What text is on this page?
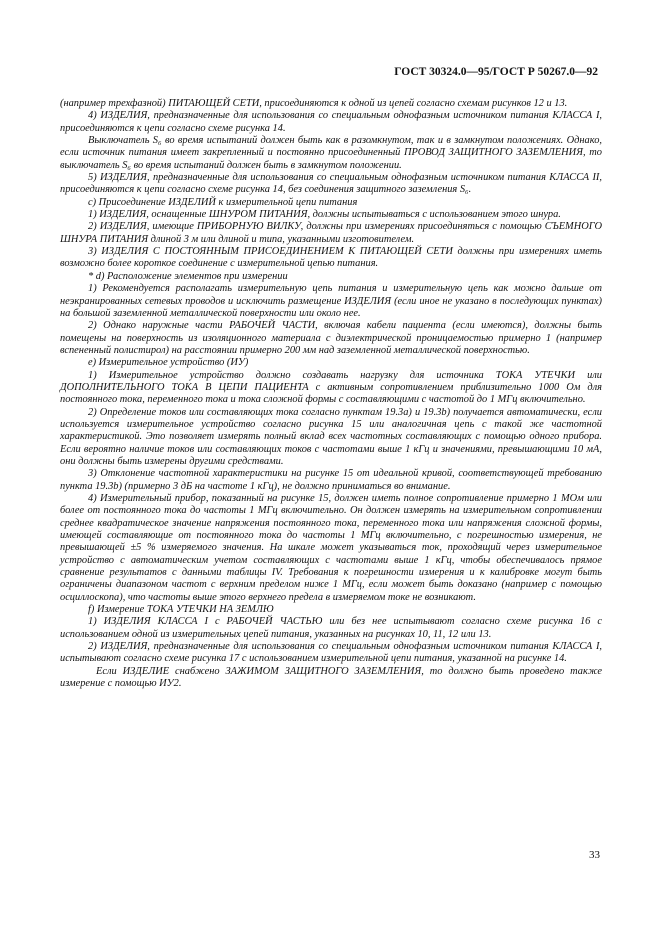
ГОСТ 30324.0—95/ГОСТ Р 50267.0—92

(например трехфазной) ПИТАЮЩЕЙ СЕТИ, присоединяются к одной из цепей согласно схемам рисунков 12 и 13.

4) ИЗДЕЛИЯ, предназначенные для использования со специальным однофазным источником питания КЛАССА I, присоединяются к цепи согласно схеме рисунка 14.

Выключатель S₆ во время испытаний должен быть как в разомкнутом, так и в замкнутом положениях. Однако, если источник питания имеет закрепленный и постоянно присоединенный ПРОВОД ЗАЩИТНОГО ЗАЗЕМЛЕНИЯ, то выключатель S₆ во время испытаний должен быть в замкнутом положении.

5) ИЗДЕЛИЯ, предназначенные для использования со специальным однофазным источником питания КЛАССА II, присоединяются к цепи согласно схеме рисунка 14, без соединения защитного заземления S₆.

c) Присоединение ИЗДЕЛИЙ к измерительной цепи питания

1) ИЗДЕЛИЯ, оснащенные ШНУРОМ ПИТАНИЯ, должны испытываться с использованием этого шнура.

2) ИЗДЕЛИЯ, имеющие ПРИБОРНУЮ ВИЛКУ, должны при измерениях присоединяться с помощью СЪЕМНОГО ШНУРА ПИТАНИЯ длиной 3 м или длиной и типа, указанными изготовителем.

3) ИЗДЕЛИЯ С ПОСТОЯННЫМ ПРИСОЕДИНЕНИЕМ К ПИТАЮЩЕЙ СЕТИ должны при измерениях иметь возможно более короткое соединение с измерительной цепью питания.

* d) Расположение элементов при измерении

1) Рекомендуется располагать измерительную цепь питания и измерительную цепь как можно дальше от неэкранированных сетевых проводов и исключить размещение ИЗДЕЛИЯ (если иное не указано в последующих пунктах) на большой заземленной металлической поверхности или около нее.

2) Однако наружные части РАБОЧЕЙ ЧАСТИ, включая кабели пациента (если имеются), должны быть помещены на поверхность из изоляционного материала с диэлектрической проницаемостью примерно 1 (например вспененный полистирол) на расстоянии примерно 200 мм над заземленной металлической поверхностью.

e) Измерительное устройство (ИУ)

1) Измерительное устройство должно создавать нагрузку для источника ТОКА УТЕЧКИ или ДОПОЛНИТЕЛЬНОГО ТОКА В ЦЕПИ ПАЦИЕНТА с активным сопротивлением приблизительно 1000 Ом для постоянного тока, переменного тока и тока сложной формы с составляющими с частотой до 1 МГц включительно.

2) Определение токов или составляющих тока согласно пунктам 19.3a) и 19.3b) получается автоматически, если используется измерительное устройство согласно рисунка 15 или аналогичная цепь с такой же частотной характеристикой. Это позволяет измерять полный вклад всех частотных составляющих с помощью одного прибора. Если вероятно наличие токов или составляющих токов с частотами выше 1 кГц и значениями, превышающими 10 мА, они должны быть измерены другими средствами.

3) Отклонение частотной характеристики на рисунке 15 от идеальной кривой, соответствующей требованию пункта 19.3b) (примерно 3 дБ на частоте 1 кГц), не должно приниматься во внимание.

4) Измерительный прибор, показанный на рисунке 15, должен иметь полное сопротивление примерно 1 МОм или более от постоянного тока до частоты 1 МГц включительно. Он должен измерять на измерительном сопротивлении среднее квадратическое значение напряжения постоянного тока, переменного тока или напряжения сложной формы, имеющей составляющие от постоянного тока до частоты 1 МГц включительно, с погрешностью измерения, не превышающей ±5 % измеряемого значения. На шкале может указываться ток, проходящий через измерительное устройство с автоматическим учетом составляющих с частотами выше 1 кГц, чтобы обеспечивалось прямое сравнение результатов с данными таблицы IV. Требования к погрешности измерения и к калибровке могут быть ограничены диапазоном частот с верхним пределом ниже 1 МГц, если может быть доказано (например с помощью осциллоскопа), что частоты выше этого верхнего предела в измеряемом токе не возникают.

f) Измерение ТОКА УТЕЧКИ НА ЗЕМЛЮ

1) ИЗДЕЛИЯ КЛАССА I с РАБОЧЕЙ ЧАСТЬЮ или без нее испытывают согласно схеме рисунка 16 с использованием одной из измерительных цепей питания, указанных на рисунках 10, 11, 12 или 13.

2) ИЗДЕЛИЯ, предназначенные для использования со специальным однофазным источником питания КЛАССА I, испытывают согласно схеме рисунка 17 с использованием измерительной цепи питания, указанной на рисунке 14.

Если ИЗДЕЛИЕ снабжено ЗАЖИМОМ ЗАЩИТНОГО ЗАЗЕМЛЕНИЯ, то должно быть проведено также измерение с помощью ИУ2.

33
